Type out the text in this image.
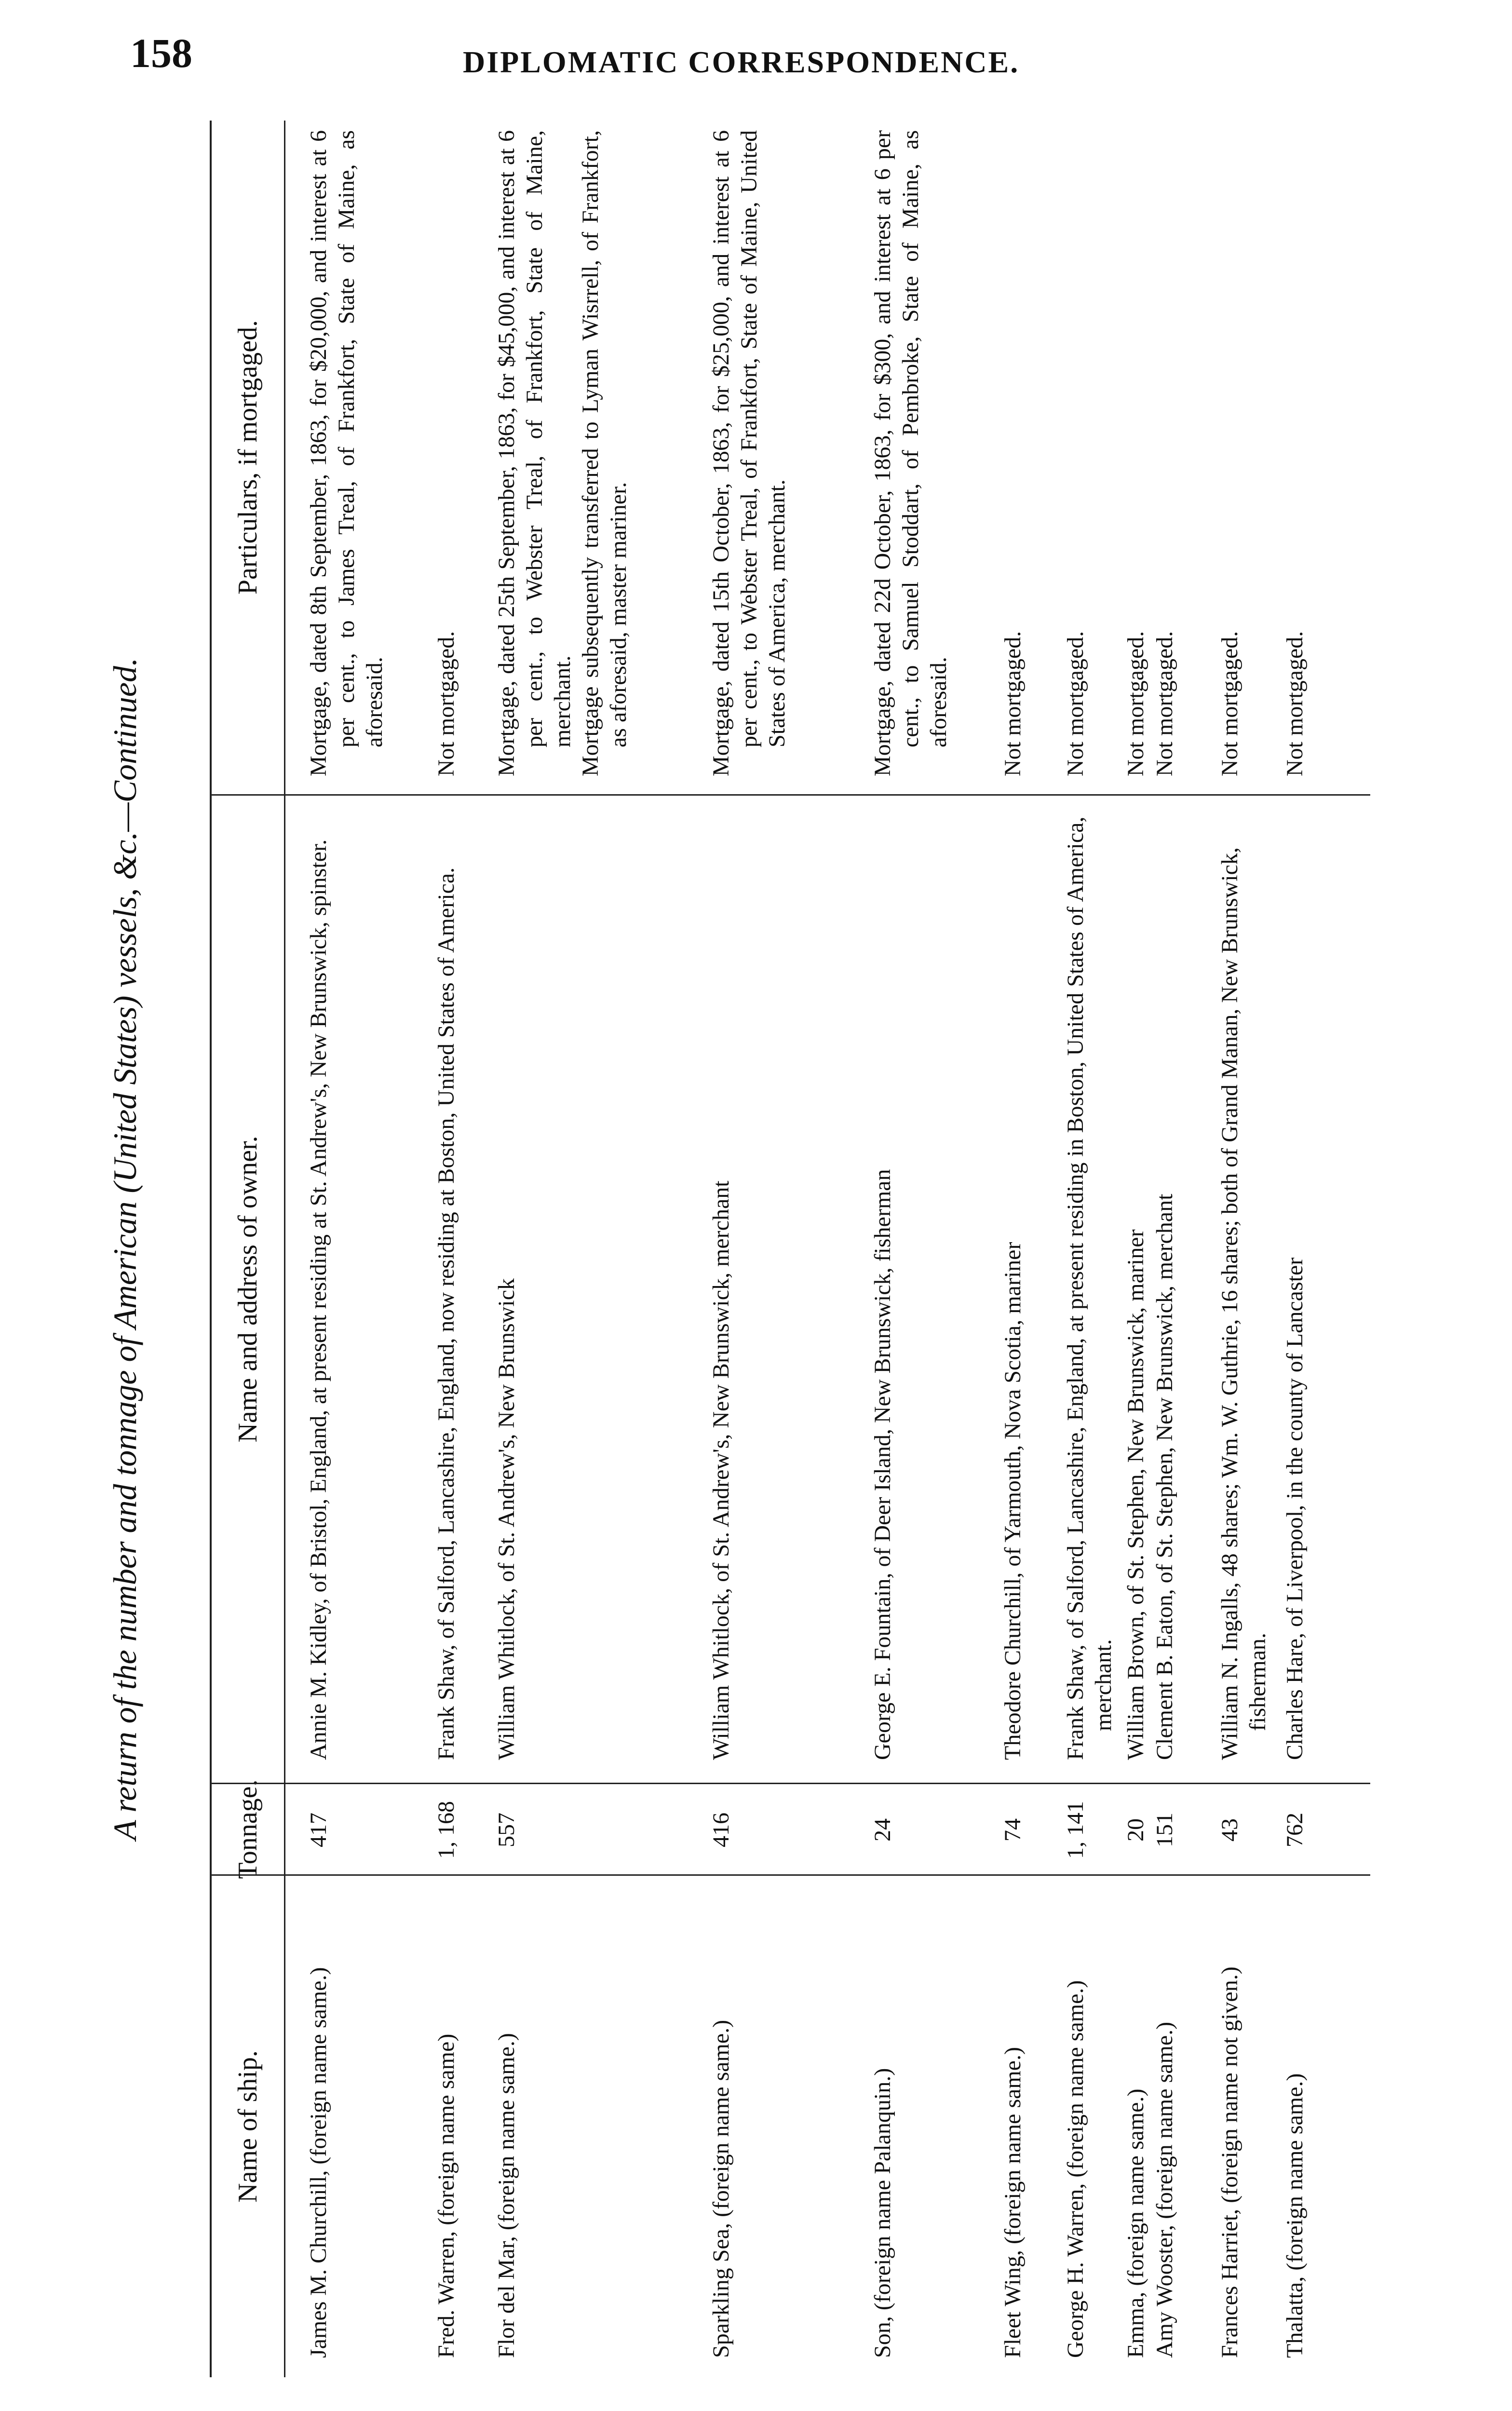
158	DIPLOMATIC CORRESPONDENCE.
A return of the number and tonnage of American (United States) vessels, &c.—Continued.
Name of ship.
Tonnage.
Name and address of owner.
Particulars, if mortgaged.
James M. Churchill, (foreign name same.)
417
Annie M. Kidley, of Bristol, England, at present residing at St. Andrew's, New Brunswick, spinster.
Mortgage, dated 8th September, 1863, for $20,000, and interest at 6 per cent., to James Treal, of Frankfort, State of Maine, as aforesaid.
Fred. Warren, (foreign name same)
1, 168
Frank Shaw, of Salford, Lancashire, England, now residing at Boston, United States of America.
Not mortgaged.
Flor del Mar, (foreign name same.)
557
William Whitlock, of St. Andrew's, New Brunswick
Mortgage, dated 25th September, 1863, for $45,000, and interest at 6 per cent., to Webster Treal, of Frankfort, State of Maine, merchant. Mortgage subsequently transferred to Lyman Wisrrell, of Frankfort, as aforesaid, master mariner.
Sparkling Sea, (foreign name same.)
416
William Whitlock, of St. Andrew's, New Brunswick, merchant
Mortgage, dated 15th October, 1863, for $25,000, and interest at 6 per cent., to Webster Treal, of Frankfort, State of Maine, United States of America, merchant.
Son, (foreign name Palanquin.)
24
George E. Fountain, of Deer Island, New Brunswick, fisherman
Mortgage, dated 22d October, 1863, for $300, and interest at 6 per cent., to Samuel Stoddart, of Pembroke, State of Maine, as aforesaid.
Fleet Wing, (foreign name same.)
74
Theodore Churchill, of Yarmouth, Nova Scotia, mariner
Not mortgaged.
George H. Warren, (foreign name same.)
1, 141
Frank Shaw, of Salford, Lancashire, England, at present residing in Boston, United States of America, merchant.
Not mortgaged.
Emma, (foreign name same.)
20
William Brown, of St. Stephen, New Brunswick, mariner
Not mortgaged.
Amy Wooster, (foreign name same.)
151
Clement B. Eaton, of St. Stephen, New Brunswick, merchant
Not mortgaged.
Frances Harriet, (foreign name not given.)
43
William N. Ingalls, 48 shares; Wm. W. Guthrie, 16 shares; both of Grand Manan, New Brunswick, fisherman.
Not mortgaged.
Thalatta, (foreign name same.)
762
Charles Hare, of Liverpool, in the county of Lancaster
Not mortgaged.
